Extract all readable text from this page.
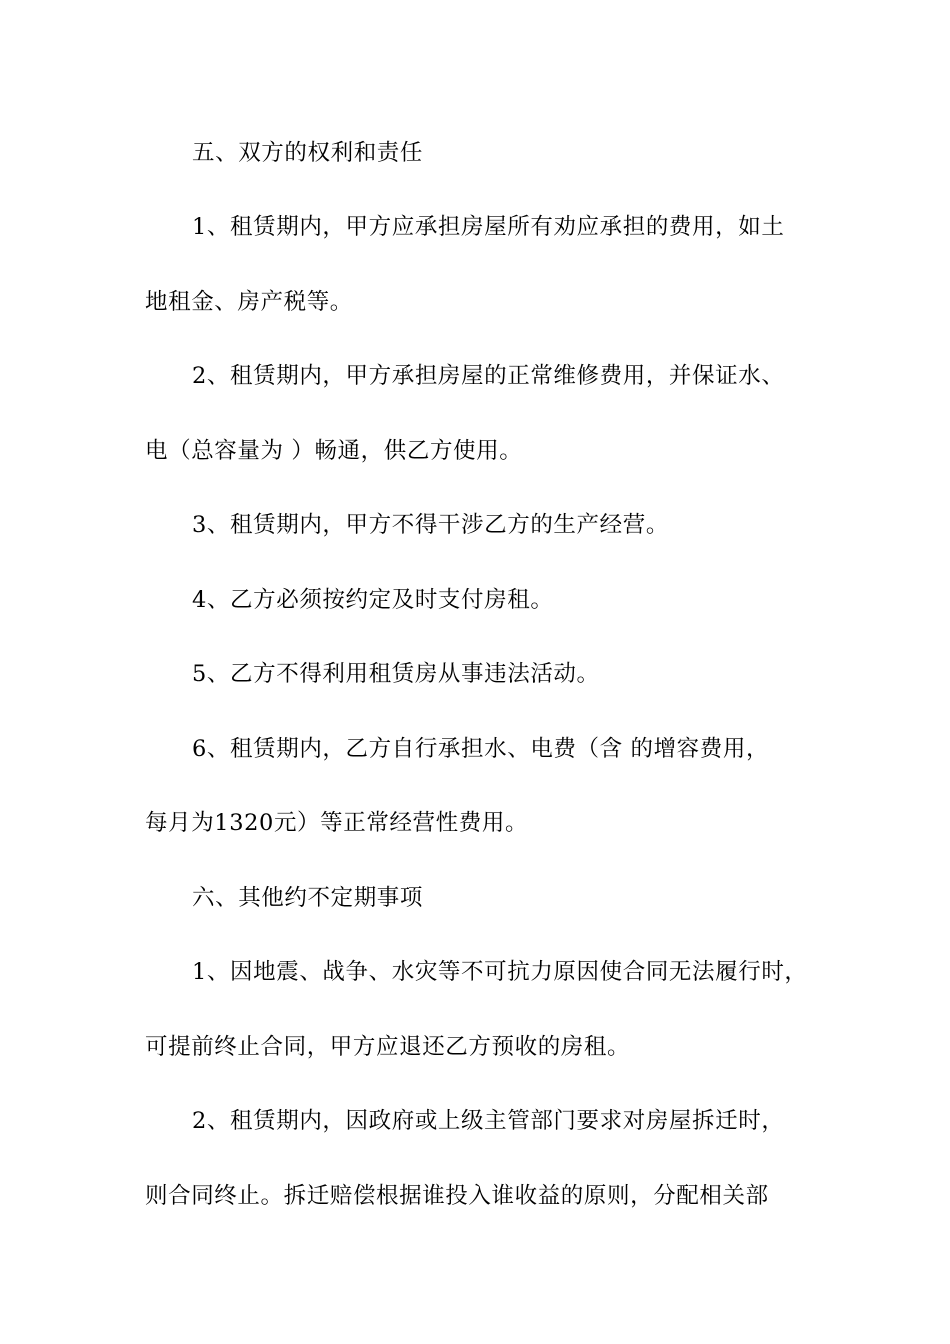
五、双方的权利和责任
1、租赁期内，甲方应承担房屋所有劝应承担的费用，如土
地租金、房产税等。
2、租赁期内，甲方承担房屋的正常维修费用，并保证水、
电（总容量为 ）畅通，供乙方使用。
3、租赁期内，甲方不得干涉乙方的生产经营。
4、乙方必须按约定及时支付房租。
5、乙方不得利用租赁房从事违法活动。
6、租赁期内，乙方自行承担水、电费（含 的增容费用，
每月为1320元）等正常经营性费用。
六、其他约不定期事项
1、因地震、战争、水灾等不可抗力原因使合同无法履行时，
可提前终止合同，甲方应退还乙方预收的房租。
2、租赁期内，因政府或上级主管部门要求对房屋拆迁时，
则合同终止。拆迁赔偿根据谁投入谁收益的原则，分配相关部
